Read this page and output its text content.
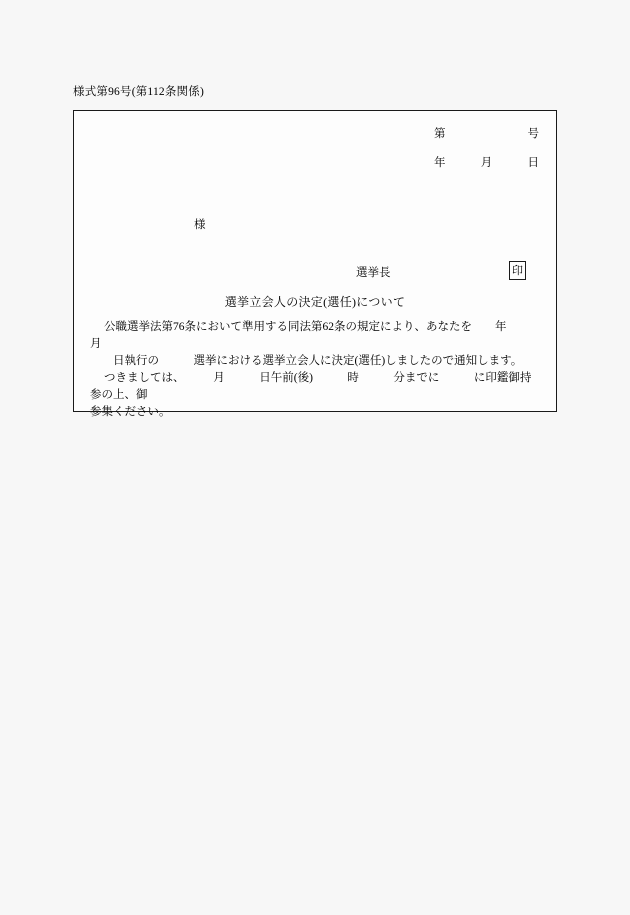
様式第96号(第112条関係)
第	号
年	月	日
様
選挙長	印
選挙立会人の決定(選任)について

公職選挙法第76条において準用する同法第62条の規定により、あなたを　　年　　　月

　　日執行の　　　選挙における選挙立会人に決定(選任)しましたので通知します。

つきましては、　　　月　　　日午前(後)　　　時　　　分までに　　　に印鑑御持参の上、御

参集ください。
